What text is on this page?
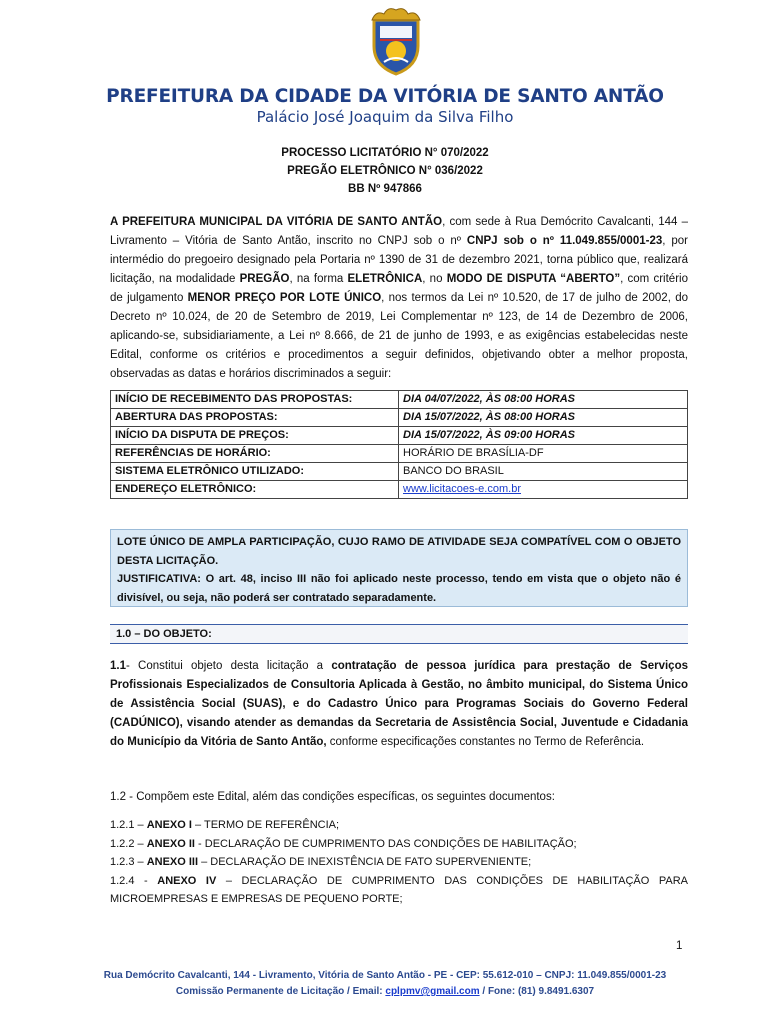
PREFEITURA DA CIDADE DA VITÓRIA DE SANTO ANTÃO
Palácio José Joaquim da Silva Filho
PROCESSO LICITATÓRIO N° 070/2022
PREGÃO ELETRÔNICO N° 036/2022
BB Nº 947866
A PREFEITURA MUNICIPAL DA VITÓRIA DE SANTO ANTÃO, com sede à Rua Demócrito Cavalcanti, 144 – Livramento – Vitória de Santo Antão, inscrito no CNPJ sob o nº CNPJ sob o nº 11.049.855/0001-23, por intermédio do pregoeiro designado pela Portaria nº 1390 de 31 de dezembro 2021, torna público que, realizará licitação, na modalidade PREGÃO, na forma ELETRÔNICA, no MODO DE DISPUTA “ABERTO”, com critério de julgamento MENOR PREÇO POR LOTE ÚNICO, nos termos da Lei nº 10.520, de 17 de julho de 2002, do Decreto nº 10.024, de 20 de Setembro de 2019, Lei Complementar nº 123, de 14 de Dezembro de 2006, aplicando-se, subsidiariamente, a Lei nº 8.666, de 21 de junho de 1993, e as exigências estabelecidas neste Edital, conforme os critérios e procedimentos a seguir definidos, objetivando obter a melhor proposta, observadas as datas e horários discriminados a seguir:
INÍCIO DE RECEBIMENTO DAS PROPOSTAS:	DIA 04/07/2022, ÀS 08:00 HORAS
ABERTURA DAS PROPOSTAS:	DIA 15/07/2022, ÀS 08:00 HORAS
INÍCIO DA DISPUTA DE PREÇOS:	DIA 15/07/2022, ÀS 09:00 HORAS
REFERÊNCIAS DE HORÁRIO:	HORÁRIO DE BRASÍLIA-DF
SISTEMA ELETRÔNICO UTILIZADO:	BANCO DO BRASIL
ENDEREÇO ELETRÔNICO:	www.licitacoes-e.com.br
LOTE ÚNICO DE AMPLA PARTICIPAÇÃO, CUJO RAMO DE ATIVIDADE SEJA COMPATÍVEL COM O OBJETO DESTA LICITAÇÃO.
JUSTIFICATIVA: O art. 48, inciso III não foi aplicado neste processo, tendo em vista que o objeto não é divisível, ou seja, não poderá ser contratado separadamente.
1.0 – DO OBJETO:
1.1- Constitui objeto desta licitação a contratação de pessoa jurídica para prestação de Serviços Profissionais Especializados de Consultoria Aplicada à Gestão, no âmbito municipal, do Sistema Único de Assistência Social (SUAS), e do Cadastro Único para Programas Sociais do Governo Federal (CADÚNICO), visando atender as demandas da Secretaria de Assistência Social, Juventude e Cidadania do Município da Vitória de Santo Antão, conforme especificações constantes no Termo de Referência.
1.2 - Compõem este Edital, além das condições específicas, os seguintes documentos:
1.2.1 – ANEXO I – TERMO DE REFERÊNCIA;
1.2.2 – ANEXO II - DECLARAÇÃO DE CUMPRIMENTO DAS CONDIÇÕES DE HABILITAÇÃO;
1.2.3 – ANEXO III – DECLARAÇÃO DE INEXISTÊNCIA DE FATO SUPERVENIENTE;
1.2.4 - ANEXO IV – DECLARAÇÃO DE CUMPRIMENTO DAS CONDIÇÕES DE HABILITAÇÃO PARA MICROEMPRESAS E EMPRESAS DE PEQUENO PORTE;
1
Rua Demócrito Cavalcanti, 144 - Livramento, Vitória de Santo Antão - PE - CEP: 55.612-010 – CNPJ: 11.049.855/0001-23
Comissão Permanente de Licitação / Email: cplpmv@gmail.com / Fone: (81) 9.8491.6307
